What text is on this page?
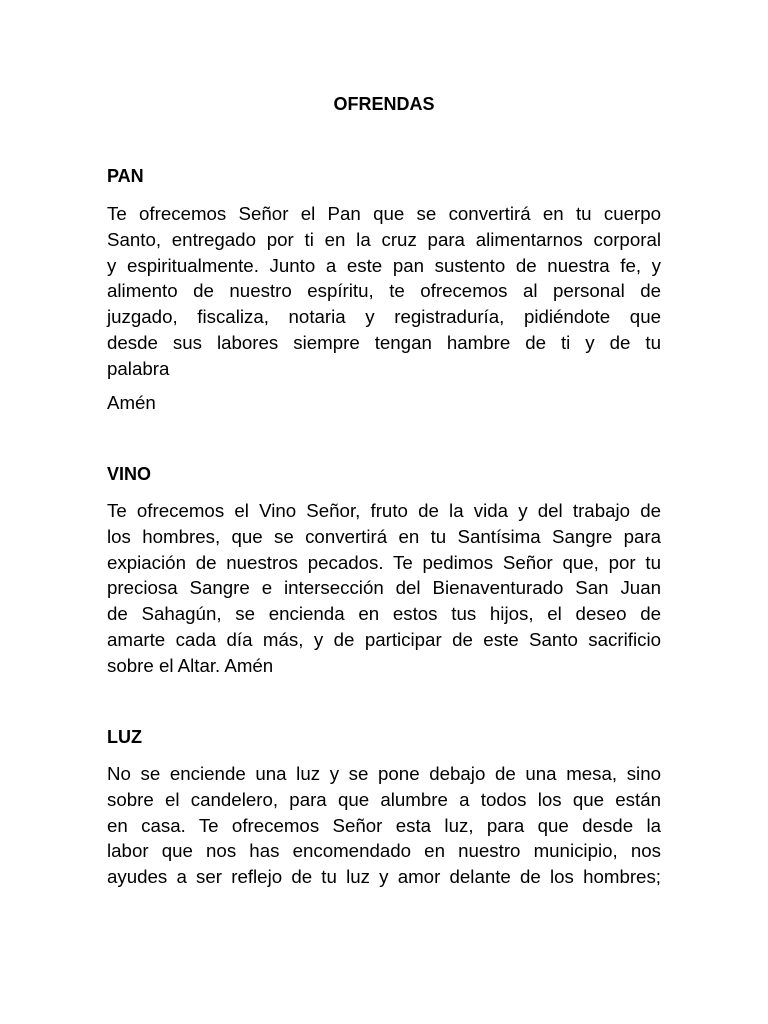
OFRENDAS
PAN

Te ofrecemos Señor el Pan que se convertirá en tu cuerpo
Santo, entregado por ti en la cruz para alimentarnos corporal
y espiritualmente. Junto a este pan sustento de nuestra fe, y
alimento de nuestro espíritu, te ofrecemos al personal de
juzgado, fiscaliza, notaria y registraduría, pidiéndote que
desde sus labores siempre tengan hambre de ti y de tu
palabra

Amén

VINO

Te ofrecemos el Vino Señor, fruto de la vida y del trabajo de
los hombres, que se convertirá en tu Santísima Sangre para
expiación de nuestros pecados. Te pedimos Señor que, por tu
preciosa Sangre e intersección del Bienaventurado San Juan
de Sahagún, se encienda en estos tus hijos, el deseo de
amarte cada día más, y de participar de este Santo sacrificio
sobre el Altar. Amén

LUZ

No se enciende una luz y se pone debajo de una mesa, sino
sobre el candelero, para que alumbre a todos los que están
en casa. Te ofrecemos Señor esta luz, para que desde la
labor que nos has encomendado en nuestro municipio, nos
ayudes a ser reflejo de tu luz y amor delante de los hombres;
